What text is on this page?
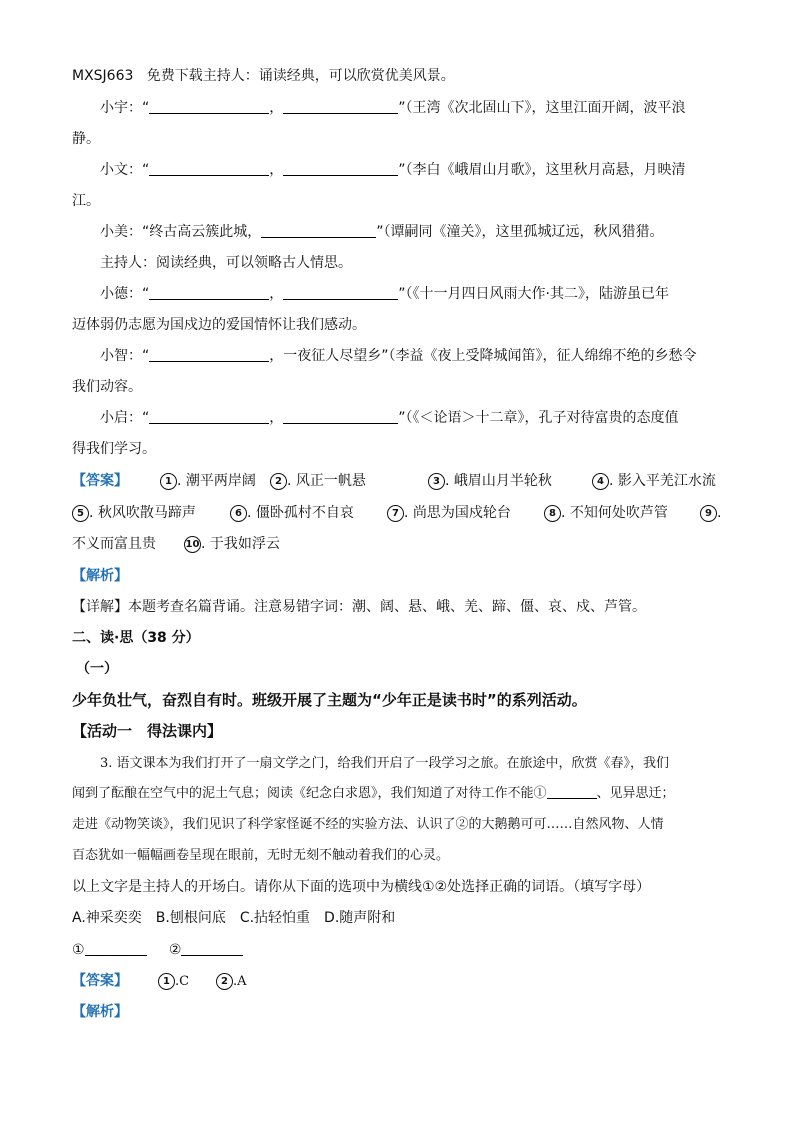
MXSJ663 免费下载主持人：诵读经典，可以欣赏优美风景。
小宇：“	，	”（王湾《次北固山下》，这里江面开阔，波平浪
静。
小文：“	，	”（李白《峨眉山月歌》，这里秋月高悬，月映清
江。
小美：“终古高云簇此城，	”（谭嗣同《潼关》，这里孤城辽远，秋风猎猎。
主持人：阅读经典，可以领略古人情思。
小德：“	，	”（《十一月四日风雨大作·其二》，陆游虽已年
迈体弱仍志愿为国戍边的爱国情怀让我们感动。
小智：“	，一夜征人尽望乡”（李益《夜上受降城闻笛》，征人绵绵不绝的乡愁令
我们动容。
小启：“	，	”（《＜论语＞十二章》，孔子对待富贵的态度值
得我们学习。
【答案】	1 . 潮平两岸阔	2 . 风正一帆悬	3 . 峨眉山月半轮秋	4 . 影入平羌江水流
5 . 秋风吹散马蹄声	6 . 僵卧孤村不自哀	7 . 尚思为国戍轮台	8 . 不知何处吹芦管	9 .
不义而富且贵	10 . 于我如浮云
【解析】
【详解】本题考查名篇背诵。注意易错字词：潮、阔、悬、峨、羌、蹄、僵、哀、戍、芦管。
二、读·思（38 分）
（一）
少年负壮气，奋烈自有时。班级开展了主题为“少年正是读书时”的系列活动。
【活动一　得法课内】
3. 语文课本为我们打开了一扇文学之门，给我们开启了一段学习之旅。在旅途中，欣赏《春》，我们
闻到了酝酿在空气中的泥土气息；阅读《纪念白求恩》，我们知道了对待工作不能①	、见异思迁；
走进《动物笑谈》，我们见识了科学家怪诞不经的实验方法、认识了②的大鹅鹅可可……自然风物、人情
百态犹如一幅幅画卷呈现在眼前，无时无刻不触动着我们的心灵。
以上文字是主持人的开场白。请你从下面的选项中为横线①②处选择正确的词语。（填写字母）
A.神采奕奕　B.刨根问底　C.拈轻怕重　D.随声附和
①	②
【答案】	1 .C	2 .A
【解析】
